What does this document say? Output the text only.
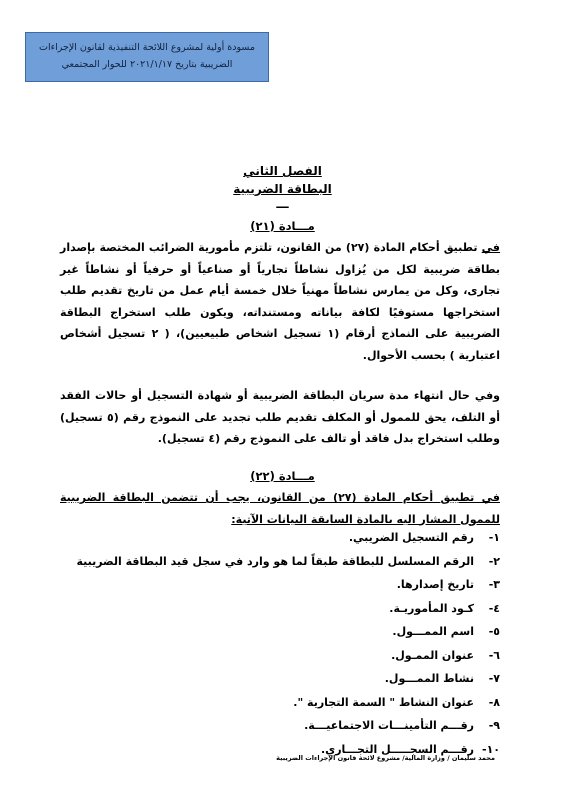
مسودة أولية لمشروع اللائحة التنفيذية لقانون الإجراءات
الضريبية بتاريخ ٢٠٢١/١/١٧ للحوار المجتمعي
الفصل الثاني
البطاقة الضريبية
ـــ
مـــادة (٢١)
في تطبيق أحكام المادة (٢٧) من القانون، تلتزم مأمورية الضرائب المختصة بإصدار بطاقة ضريبية لكل من يُزاول نشاطاً تجارياً أو صناعياً أو حرفياً أو نشاطاً غير تجارى، وكل من يمارس نشاطاً مهنياً خلال خمسة أيام عمل من تاريخ تقديم طلب استخراجها مستوفيًا لكافة بياناته ومستنداته، ويكون طلب استخراج البطاقة الضريبية على النماذج أرقام (١ تسجيل اشخاص طبيعيين)، ( ٢ تسجيل أشخاص اعتبارية ) بحسب الأحوال.
وفي حال انتهاء مدة سريان البطاقة الضريبية أو شهادة التسجيل أو حالات الفقد أو التلف، يحق للممول أو المكلف تقديم طلب تجديد على النموذج رقم (٥ تسجيل) وطلب استخراج بدل فاقد أو تالف على النموذج رقم (٤ تسجيل).
مـــادة (٢٢)
في تطبيق أحكام المادة (٢٧) من القانون، يجب أن تتضمن البطاقة الضريبية للممول المشار اليه بالمادة السابقة البيانات الآتية:
١-رقم التسجيل الضريبي.
٢-الرقم المسلسل للبطاقة طبقاً لما هو وارد في سجل قيد البطاقة الضريبية
٣-تاريخ إصدارها.
٤-كـود المأموريـة.
٥-اسم الممـــول.
٦-عنوان الممـول.
٧-نشاط الممـــول.
٨-عنوان النشاط " السمة التجارية ".
٩-رقـــم التأمينـــات الاجتماعيـــة.
١٠-رقـــم السجـــــل التجـــاري.
محمد سليمان / وزارة المالية/ مشروع لائحة قانون الإجراءات الضريبية
